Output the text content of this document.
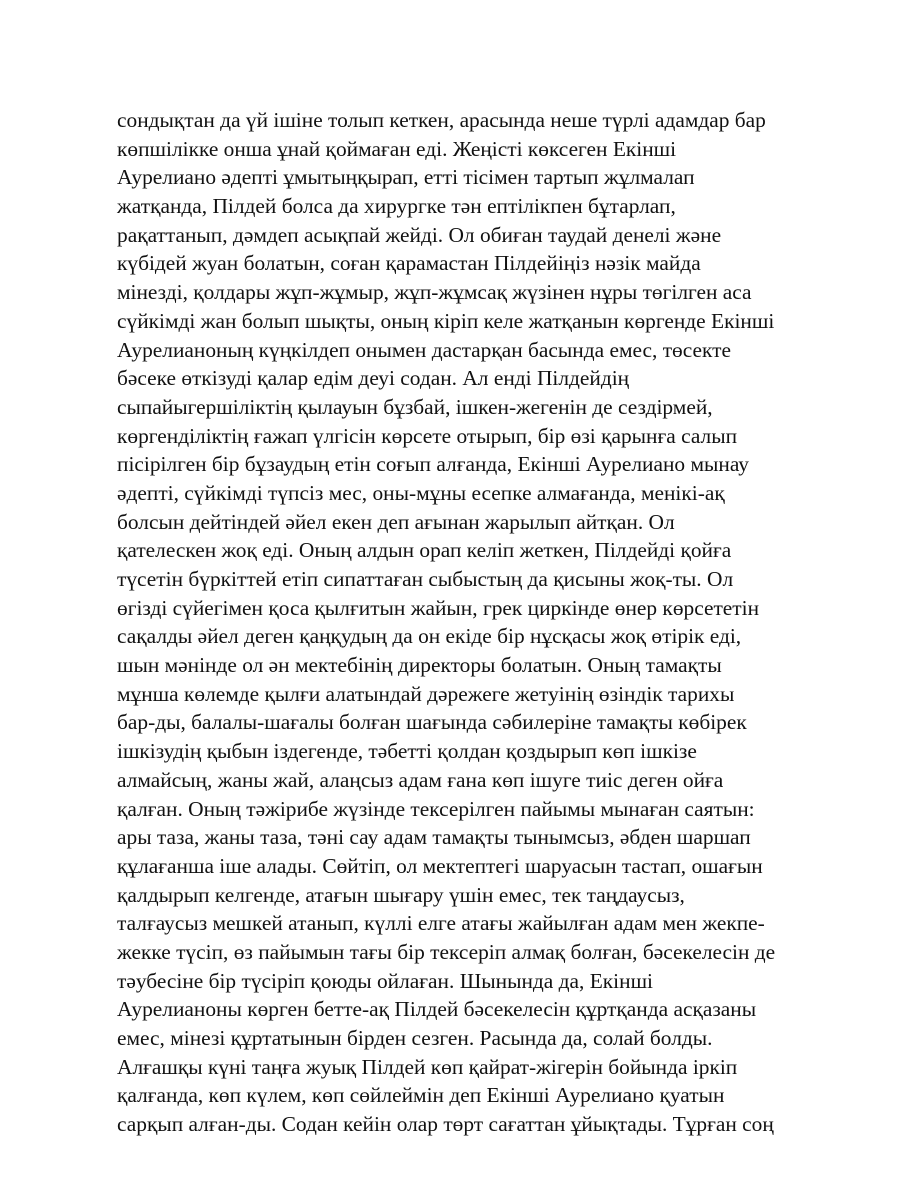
сондықтан да үй ішіне толып кеткен, арасында неше түрлі адамдар бар
көпшілікке онша ұнай қоймаған еді. Жеңісті көксеген Екінші
Аурелиано әдепті ұмытыңқырап, етті тісімен тартып жұлмалап
жатқанда, Пілдей болса да хирургке тән ептілікпен бұтарлап,
рақаттанып, дәмдеп асықпай жейді. Ол обиған таудай денелі және
күбідей жуан болатын, соған қарамастан Пілдейіңіз нәзік майда
мінезді, қолдары жұп-жұмыр, жұп-жұмсақ жүзінен нұры төгілген аса
сүйкімді жан болып шықты, оның кіріп келе жатқанын көргенде Екінші
Аурелианоның күңкілдеп онымен дастарқан басында емес, төсекте
бәсеке өткізуді қалар едім деуі содан. Ал енді Пілдейдің
сыпайыгершіліктің қылауын бұзбай, ішкен-жегенін де сездірмей,
көргенділіктің ғажап үлгісін көрсете отырып, бір өзі қарынға салып
пісірілген бір бұзаудың етін соғып алғанда, Екінші Аурелиано мынау
әдепті, сүйкімді түпсіз мес, оны-мұны есепке алмағанда, менікі-ақ
болсын дейтіндей әйел екен деп ағынан жарылып айтқан. Ол
қателескен жоқ еді. Оның алдын орап келіп жеткен, Пілдейді қойға
түсетін бүркіттей етіп сипаттаған сыбыстың да қисыны жоқ-ты. Ол
өгізді сүйегімен қоса қылғитын жайын, грек циркінде өнер көрсететін
сақалды әйел деген қаңқудың да он екіде бір нұсқасы жоқ өтірік еді,
шын мәнінде ол ән мектебінің директоры болатын. Оның тамақты
мұнша көлемде қылғи алатындай дәрежеге жетуінің өзіндік тарихы
бар-ды, балалы-шағалы болған шағында сәбилеріне тамақты көбірек
ішкізудің қыбын іздегенде, тәбетті қолдан қоздырып көп ішкізе
алмайсың, жаны жай, алаңсыз адам ғана көп ішуге тиіс деген ойға
қалған. Оның тәжірибе жүзінде тексерілген пайымы мынаған саятын:
ары таза, жаны таза, тәні сау адам тамақты тынымсыз, әбден шаршап
құлағанша іше алады. Сөйтіп, ол мектептегі шаруасын тастап, ошағын
қалдырып келгенде, атағын шығару үшін емес, тек таңдаусыз,
талғаусыз мешкей атанып, күллі елге атағы жайылған адам мен жекпе-
жекке түсіп, өз пайымын тағы бір тексеріп алмақ болған, бәсекелесін де
тәубесіне бір түсіріп қоюды ойлаған. Шынында да, Екінші
Аурелианоны көрген бетте-ақ Пілдей бәсекелесін құртқанда асқазаны
емес, мінезі құртатынын бірден сезген. Расында да, солай болды.
Алғашқы күні таңға жуық Пілдей көп қайрат-жігерін бойында іркіп
қалғанда, көп күлем, көп сөйлеймін деп Екінші Аурелиано қуатын
сарқып алған-ды. Содан кейін олар төрт сағаттан ұйықтады. Тұрған соң
